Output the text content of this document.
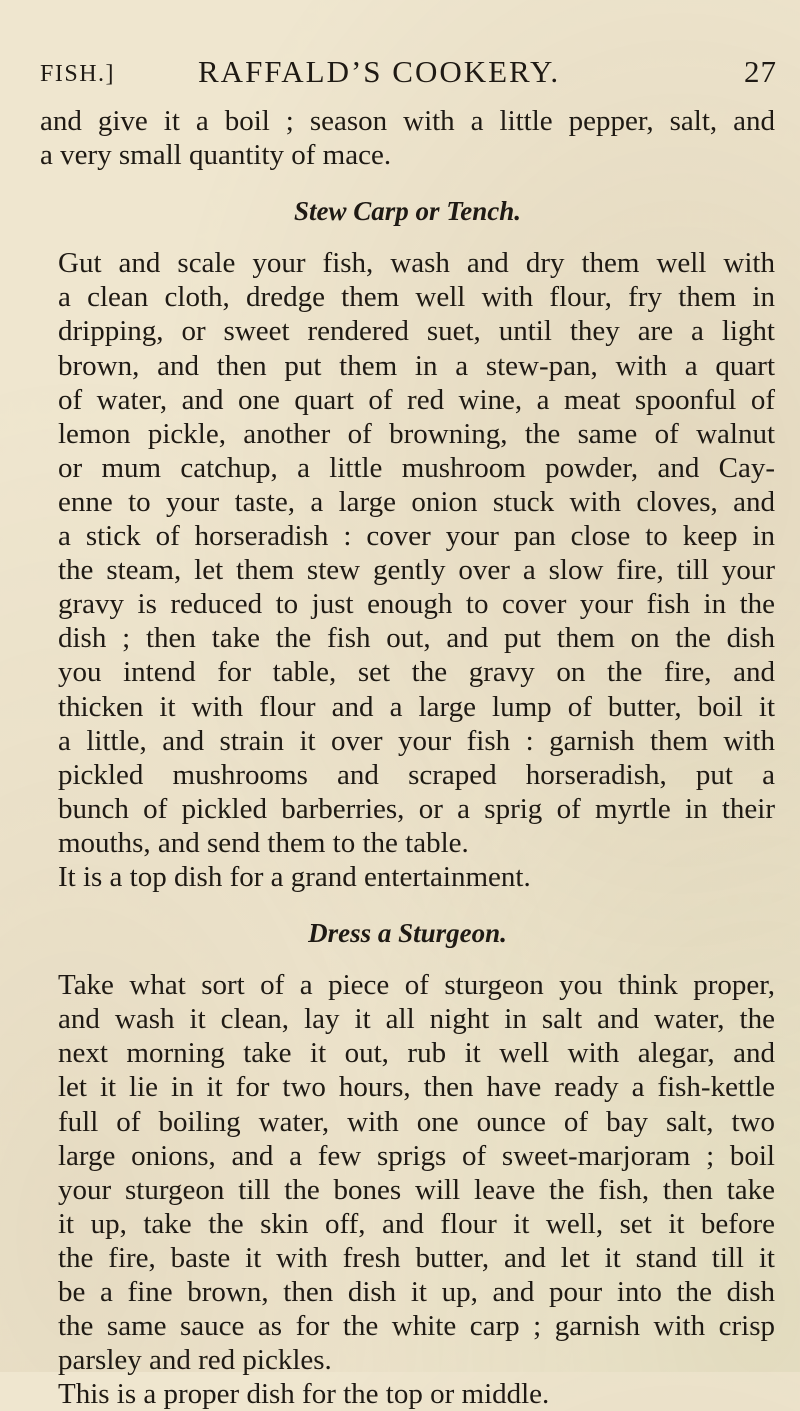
FISH.]	RAFFALD’S COOKERY.	27

and give it a boil ; season with a little pepper, salt, and
a very small quantity of mace.

Stew Carp or Tench.

Gut and scale your fish, wash and dry them well with
a clean cloth, dredge them well with flour, fry them in
dripping, or sweet rendered suet, until they are a light
brown, and then put them in a stew-pan, with a quart
of water, and one quart of red wine, a meat spoonful of
lemon pickle, another of browning, the same of walnut
or mum catchup, a little mushroom powder, and Cay-
enne to your taste, a large onion stuck with cloves, and
a stick of horseradish : cover your pan close to keep in
the steam, let them stew gently over a slow fire, till your
gravy is reduced to just enough to cover your fish in the
dish ; then take the fish out, and put them on the dish
you intend for table, set the gravy on the fire, and
thicken it with flour and a large lump of butter, boil it
a little, and strain it over your fish : garnish them with
pickled mushrooms and scraped horseradish, put a
bunch of pickled barberries, or a sprig of myrtle in their
mouths, and send them to the table.

It is a top dish for a grand entertainment.

Dress a Sturgeon.

Take what sort of a piece of sturgeon you think proper,
and wash it clean, lay it all night in salt and water, the
next morning take it out, rub it well with alegar, and
let it lie in it for two hours, then have ready a fish-kettle
full of boiling water, with one ounce of bay salt, two
large onions, and a few sprigs of sweet-marjoram ; boil
your sturgeon till the bones will leave the fish, then take
it up, take the skin off, and flour it well, set it before
the fire, baste it with fresh butter, and let it stand till it
be a fine brown, then dish it up, and pour into the dish
the same sauce as for the white carp ; garnish with crisp
parsley and red pickles.

This is a proper dish for the top or middle.
